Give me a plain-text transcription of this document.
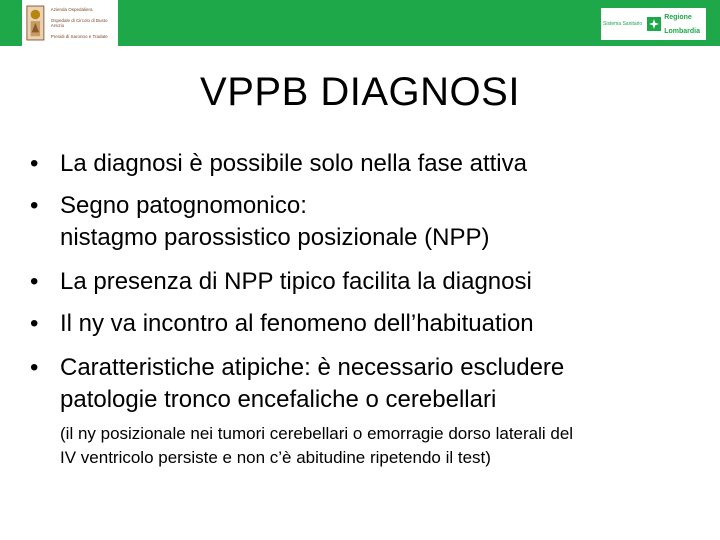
Azienda Ospedaliera

Ospedale di Circolo di Busto Arsizio

Presidi di Saronno e Tradate

Sistema Sanitario

Regione

Lombardia

VPPB DIAGNOSI
• La diagnosi è possibile solo nella fase attiva
• Segno patognomonico:
nistagmo parossistico posizionale (NPP)
• La presenza di NPP tipico facilita la diagnosi
• Il ny va incontro al fenomeno dell’habituation
• Caratteristiche atipiche: è necessario escludere
patologie tronco encefaliche o cerebellari
(il ny posizionale nei tumori cerebellari o emorragie dorso laterali del
IV ventricolo persiste e non c’è abitudine ripetendo il test)
